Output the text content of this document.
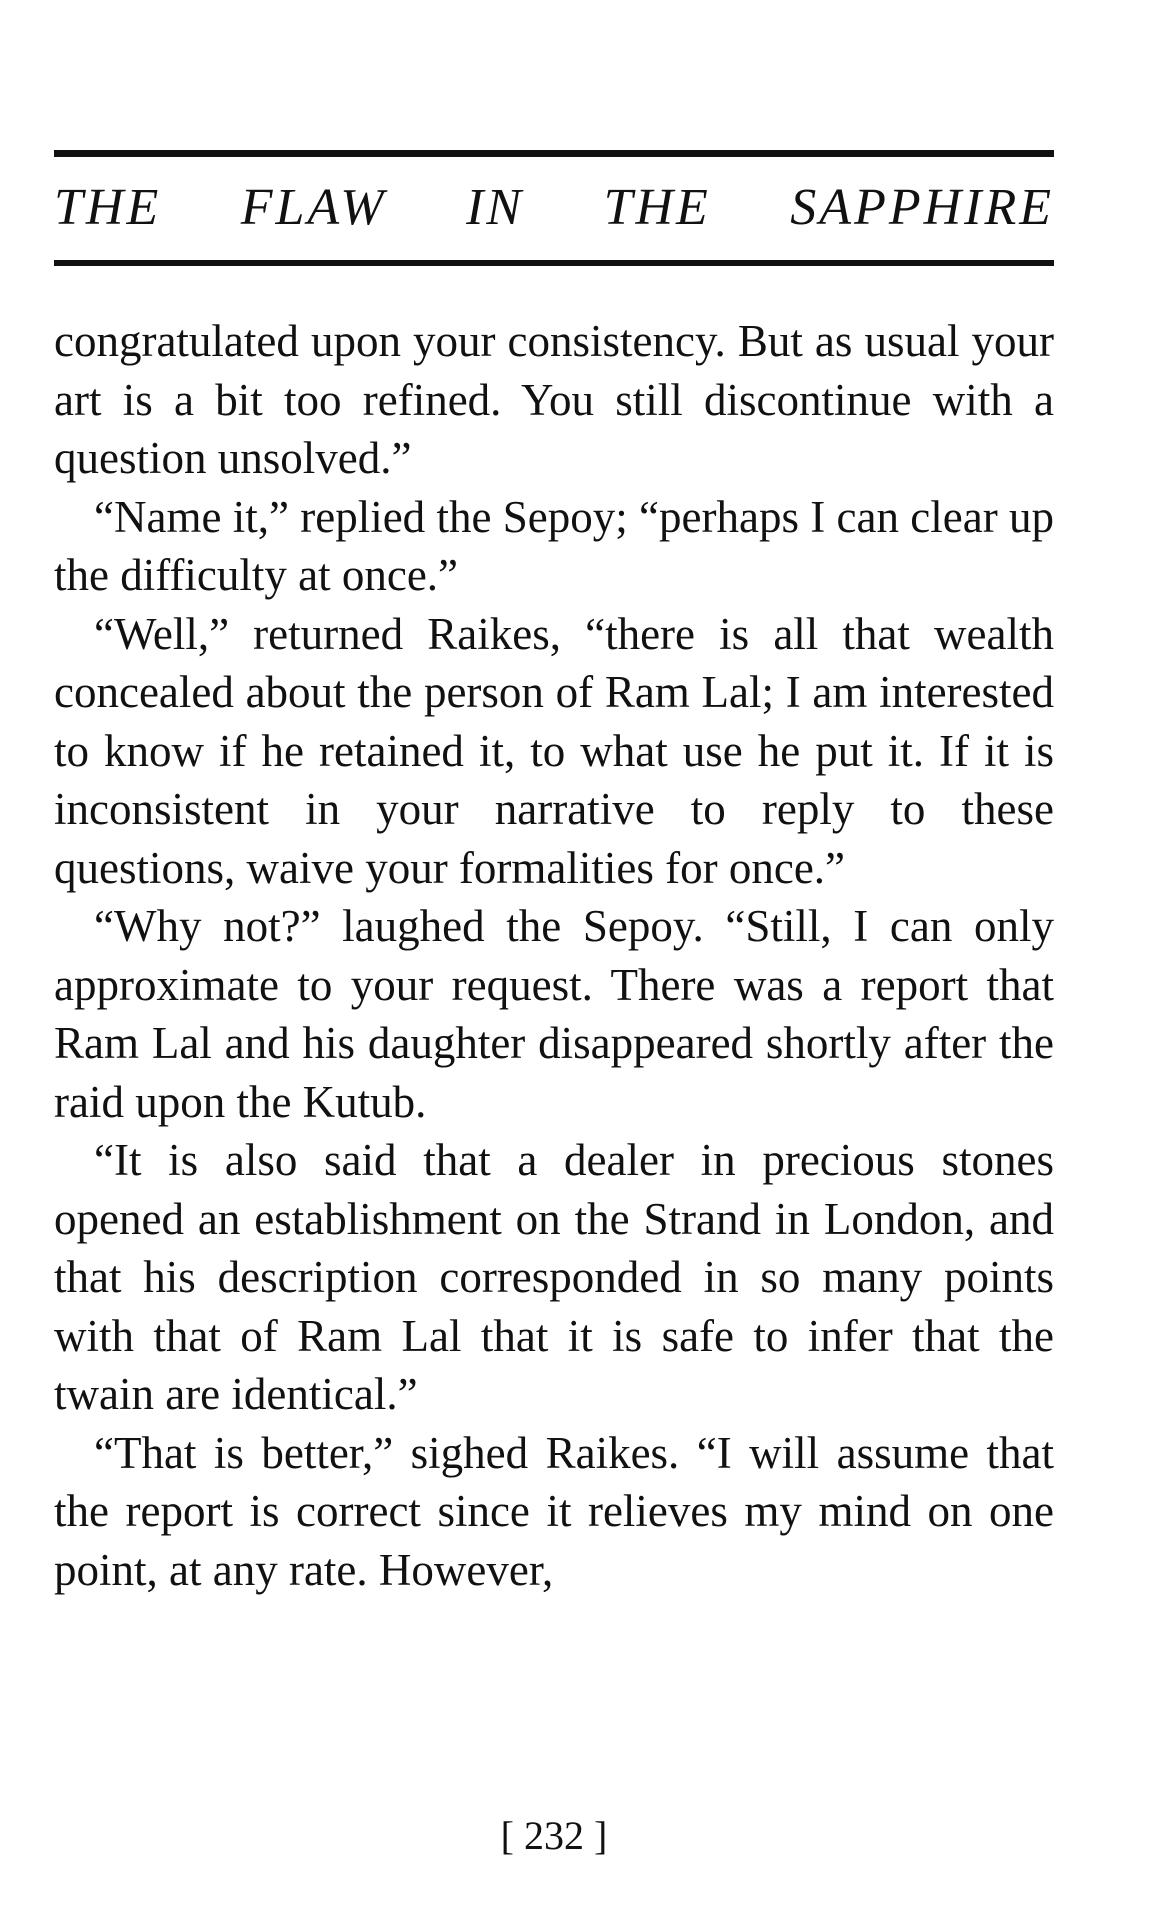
THE FLAW IN THE SAPPHIRE

congratulated upon your consistency. But as usual your art is a bit too refined. You still discontinue with a question unsolved.”

“Name it,” replied the Sepoy; “perhaps I can clear up the difficulty at once.”

“Well,” returned Raikes, “there is all that wealth concealed about the person of Ram Lal; I am interested to know if he retained it, to what use he put it. If it is inconsistent in your narrative to reply to these questions, waive your formalities for once.”

“Why not?” laughed the Sepoy. “Still, I can only approximate to your request. There was a report that Ram Lal and his daughter disappeared shortly after the raid upon the Kutub.

“It is also said that a dealer in precious stones opened an establishment on the Strand in London, and that his description corresponded in so many points with that of Ram Lal that it is safe to infer that the twain are identical.”

“That is better,” sighed Raikes. “I will assume that the report is correct since it relieves my mind on one point, at any rate. However,

[ 232 ]
